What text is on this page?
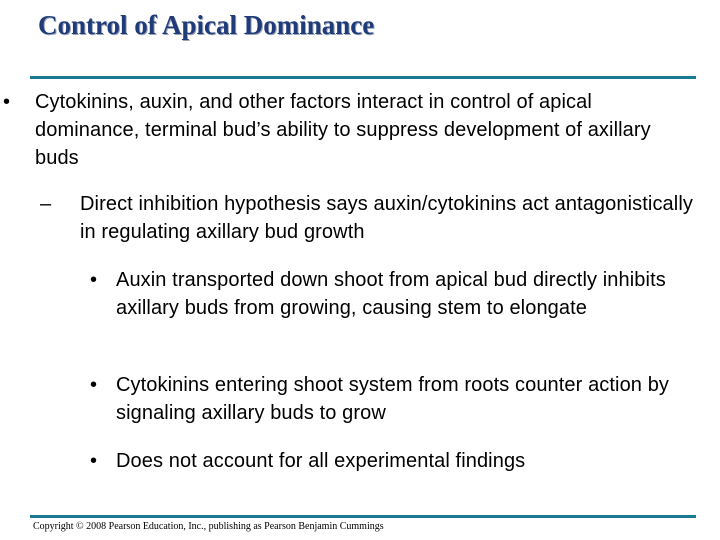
Control of Apical Dominance
• Cytokinins, auxin, and other factors interact in control of apical dominance, terminal bud’s ability to suppress development of axillary buds
– Direct inhibition hypothesis says auxin/cytokinins act antagonistically in regulating axillary bud growth
• Auxin transported down shoot from apical bud directly inhibits axillary buds from growing, causing stem to elongate
• Cytokinins entering shoot system from roots counter action by signaling axillary buds to grow
• Does not account for all experimental findings
Copyright © 2008 Pearson Education, Inc., publishing as Pearson Benjamin Cummings
